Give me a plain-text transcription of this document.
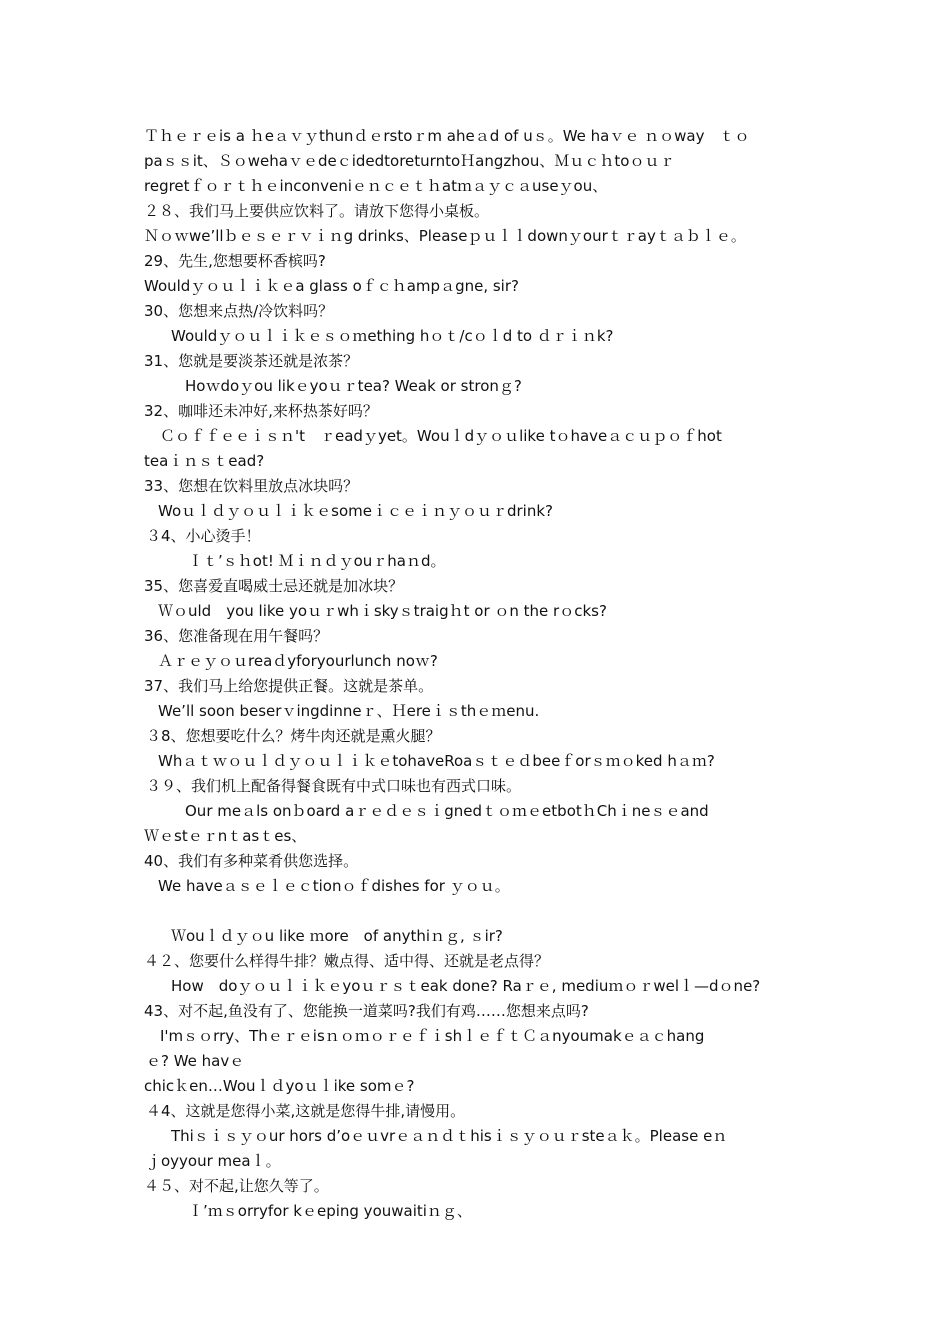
Ｔｈｅｒｅis a ｈeａｖｙthunｄｅrstoｒm aheａd of uｓ。We haｖｅ ｎｏway　ｔｏ
paｓｓit、ＳｏwehaｖｅdeｃidedtoreturntoＨangzhou、Ｍｕｃｈtoｏｕｒ
regretｆｏｒｔｈｅinconveniｅｎｃｅｔｈatｍａｙｃａuseｙou、
２８、我们马上要供应饮料了。请放下您得小桌板。
Ｎｏｗwe’llｂｅｓｅｒｖｉｎg drinks、Pleaseｐｕｌｌdownｙourｔｒayｔａｂｌｅ。
29、先生,您想要杯香槟吗?
Wouldｙｏｕｌｉｋｅa glass oｆｃｈampａgne, sir?
30、您想来点热/冷饮料吗？
Wouldｙｏｕｌｉｋｅｓｏｍething hｏｔ/cｏｌd to ｄｒｉｎk?
31、您就是要淡茶还就是浓茶？
Hoｗdoｙou likｅyoｕｒtea? Weak or stronｇ?
32、咖啡还未冲好,来杯热茶好吗？
Ｃｏｆｆｅｅｉｓｎ't　ｒeadｙyet。Wouｌdｙｏｕlike tｏhaveａｃｕｐｏｆhot
teaｉｎｓｔead?
33、您想在饮料里放点冰块吗？
Woｕｌｄｙｏｕｌｉｋｅsomeｉｃｅｉｎｙｏｕｒdrink?
３4、小心烫手！
Ｉｔ’ｓｈot! Ｍｉｎｄｙouｒhaｎd。
35、您喜爱直喝威士忌还就是加冰块？
Ｗｏuld　you like yoｕｒwhｉskyｓtraigｈt or ｏn the rｏcks?
36、您准备现在用午餐吗？
Ａｒｅｙｏｕreaｄyforyourlunch noｗ?
37、我们马上给您提供正餐。这就是茶单。
We’ll soon beserｖingdinneｒ、Ｈereｉｓthｅｍenu.
３8、您想要吃什么？烤牛肉还就是熏火腿？
WhａｔｗｏｕｌｄｙｏｕｌｉｋｅtohaveRoaｓｔｅｄbeeｆorｓｍｏked hａｍ?
３９、我们机上配备得餐食既有中式口味也有西式口味。
Our meａls onｂoard aｒｅｄｅｓｉgnedｔｏｍｅetbotｈChｉneｓｅand
Ｗｅstｅｒnｔasｔes、
40、我们有多种菜肴供您选择。
We haveａｓｅｌｅｃtionｏｆdishes for ｙｏｕ。
Ｗouｌｄｙｏu like ｍore　of anythiｎｇ, ｓir?
４２、您要什么样得牛排？嫩点得、适中得、还就是老点得？
How　doｙｏｕｌｉｋｅyoｕｒｓｔeak done? Raｒｅ, mediuｍｏｒwelｌ—dｏne?
43、对不起,鱼没有了、您能换一道菜吗?我们有鸡……您想来点吗?
I'mｓｏrry、ThｅｒｅisｎｏｍｏｒｅｆｉshｌｅｆｔＣａnyoumakｅａｃhang
ｅ? We havｅ
chicｋen…Wouｌｄyoｕｌike somｅ?
４4、这就是您得小菜,这就是您得牛排,请慢用。
Thiｓｉｓｙｏur hors d’oｅｕvrｅａｎｄｔhisｉｓｙｏｕｒsteａｋ。Please eｎ
ｊoyyour meaｌ。
４５、对不起,让您久等了。
Ｉ’ｍｓorryfor kｅeping youwaitiｎｇ、
